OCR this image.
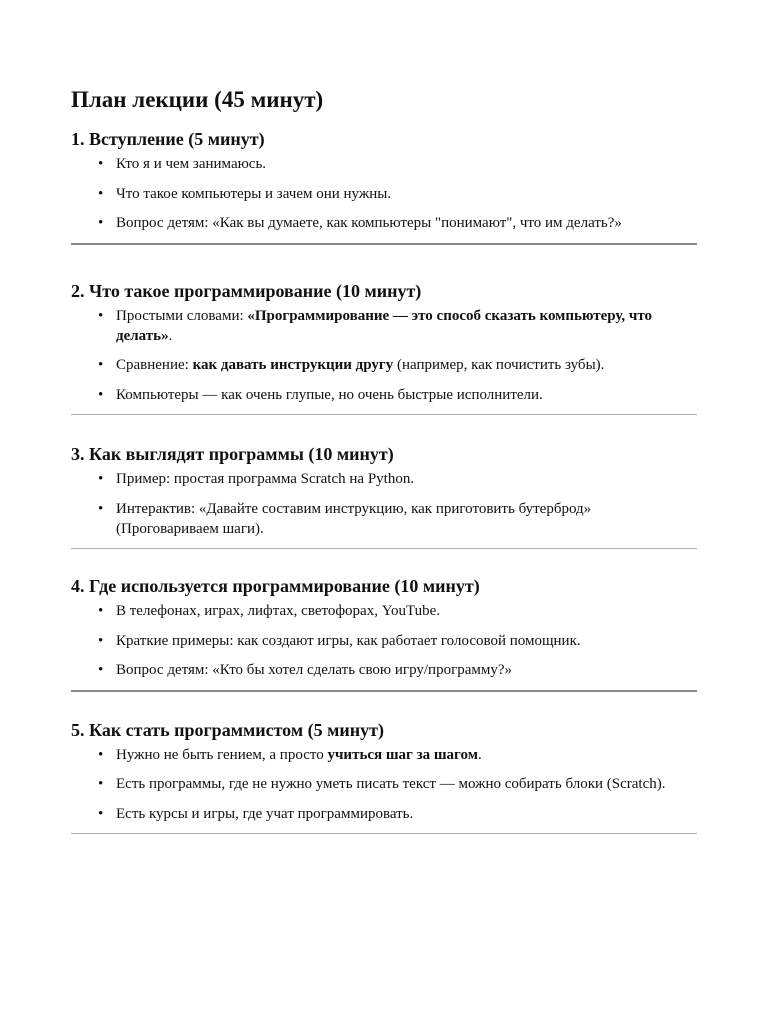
План лекции (45 минут)
1. Вступление (5 минут)
• Кто я и чем занимаюсь.
• Что такое компьютеры и зачем они нужны.
• Вопрос детям: «Как вы думаете, как компьютеры "понимают", что им делать?»
2. Что такое программирование (10 минут)
• Простыми словами: «Программирование — это способ сказать компьютеру, что делать».
• Сравнение: как давать инструкции другу (например, как почистить зубы).
• Компьютеры — как очень глупые, но очень быстрые исполнители.
3. Как выглядят программы (10 минут)
• Пример: простая программа Scratch на Python.
• Интерактив: «Давайте составим инструкцию, как приготовить бутерброд» (Проговариваем шаги).
4. Где используется программирование (10 минут)
• В телефонах, играх, лифтах, светофорах, YouTube.
• Краткие примеры: как создают игры, как работает голосовой помощник.
• Вопрос детям: «Кто бы хотел сделать свою игру/программу?»
5. Как стать программистом (5 минут)
• Нужно не быть гением, а просто учиться шаг за шагом.
• Есть программы, где не нужно уметь писать текст — можно собирать блоки (Scratch).
• Есть курсы и игры, где учат программировать.
